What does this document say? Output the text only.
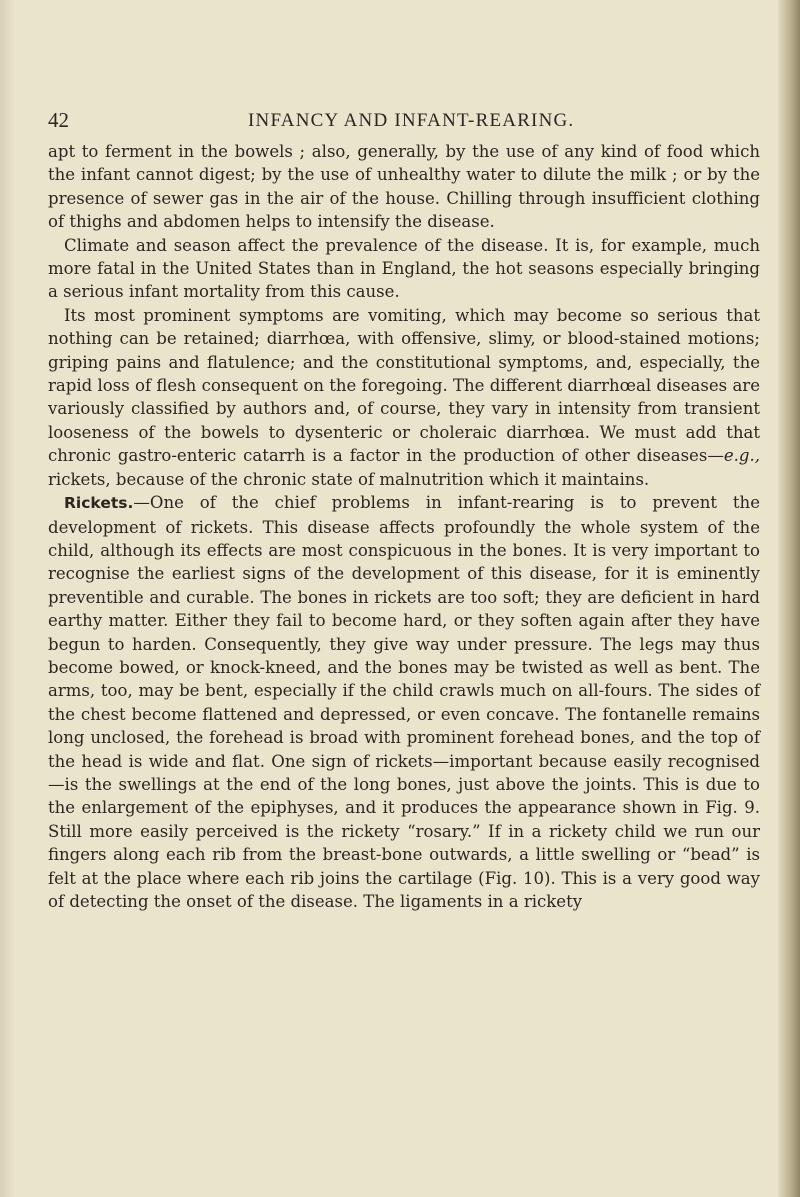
42	INFANCY AND INFANT-REARING.

apt to ferment in the bowels ; also, generally, by the use of any kind of food which the infant cannot digest; by the use of unhealthy water to dilute the milk ; or by the presence of sewer gas in the air of the house. Chilling through insufficient clothing of thighs and abdomen helps to intensify the disease.

Climate and season affect the prevalence of the disease. It is, for example, much more fatal in the United States than in England, the hot seasons especially bringing a serious infant mortality from this cause.

Its most prominent symptoms are vomiting, which may become so serious that nothing can be retained; diarrhœa, with offensive, slimy, or blood-stained motions; griping pains and flatulence; and the constitutional symptoms, and, especially, the rapid loss of flesh consequent on the foregoing. The different diarrhœal diseases are variously classified by authors and, of course, they vary in intensity from transient looseness of the bowels to dysenteric or choleraic diarrhœa. We must add that chronic gastro-enteric catarrh is a factor in the production of other diseases—e.g., rickets, because of the chronic state of malnutrition which it maintains.

Rickets.—One of the chief problems in infant-rearing is to prevent the development of rickets. This disease affects profoundly the whole system of the child, although its effects are most conspicuous in the bones. It is very important to recognise the earliest signs of the development of this disease, for it is eminently preventible and curable. The bones in rickets are too soft; they are deficient in hard earthy matter. Either they fail to become hard, or they soften again after they have begun to harden. Consequently, they give way under pressure. The legs may thus become bowed, or knock-kneed, and the bones may be twisted as well as bent. The arms, too, may be bent, especially if the child crawls much on all-fours. The sides of the chest become flattened and depressed, or even concave. The fontanelle remains long unclosed, the forehead is broad with prominent forehead bones, and the top of the head is wide and flat. One sign of rickets—important because easily recognised —is the swellings at the end of the long bones, just above the joints. This is due to the enlargement of the epiphyses, and it produces the appearance shown in Fig. 9. Still more easily perceived is the rickety “rosary.” If in a rickety child we run our fingers along each rib from the breast-bone outwards, a little swelling or “bead” is felt at the place where each rib joins the cartilage (Fig. 10). This is a very good way of detecting the onset of the disease. The ligaments in a rickety
